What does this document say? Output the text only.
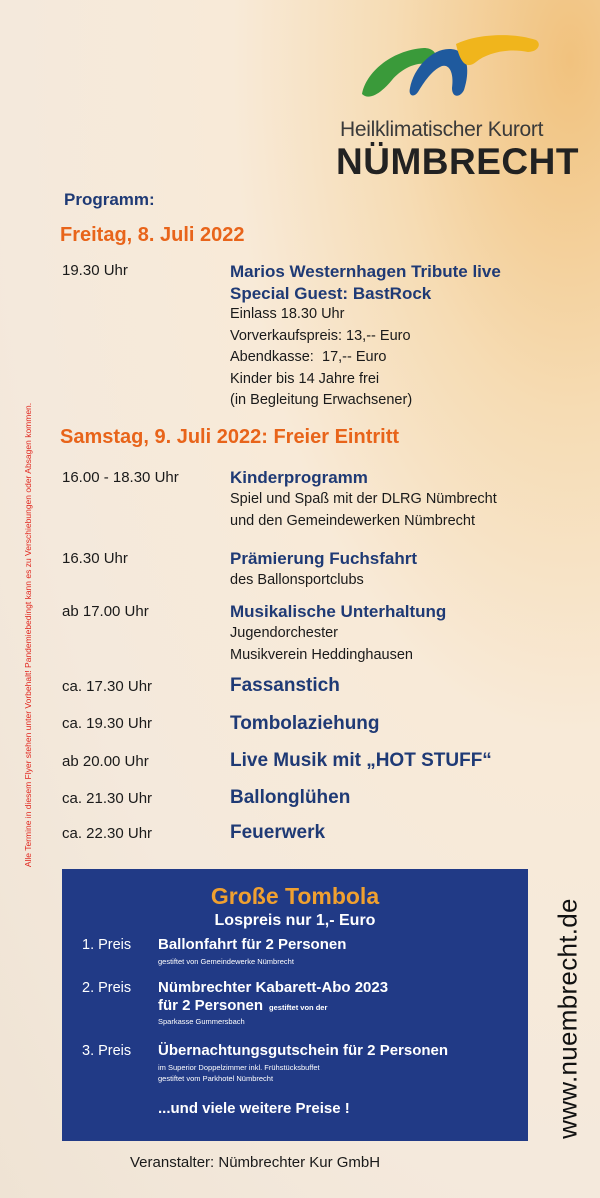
Heilklimatischer Kurort
NÜMBRECHT
Programm:
Freitag, 8. Juli 2022
19.30 Uhr	Marios Westernhagen Tribute live
Special Guest: BastRock
Einlass 18.30 Uhr
Vorverkaufspreis: 13,-- Euro
Abendkasse: 17,-- Euro
Kinder bis 14 Jahre frei
(in Begleitung Erwachsener)
Samstag, 9. Juli 2022: Freier Eintritt
16.00 - 18.30 Uhr	Kinderprogramm
Spiel und Spaß mit der DLRG Nümbrecht
und den Gemeindewerken Nümbrecht
16.30 Uhr	Prämierung Fuchsfahrt
des Ballonsportclubs
ab 17.00 Uhr	Musikalische Unterhaltung
Jugendorchester
Musikverein Heddinghausen
ca. 17.30 Uhr	Fassanstich
ca. 19.30 Uhr	Tombolaziehung
ab 20.00 Uhr	Live Musik mit „HOT STUFF“
ca. 21.30 Uhr	Ballonglühen
ca. 22.30 Uhr	Feuerwerk
Große Tombola
Lospreis nur 1,- Euro
1. Preis Ballonfahrt für 2 Personen
gestiftet von Gemeindewerke Nümbrecht
2. Preis Nümbrechter Kabarett-Abo 2023
für 2 Personen gestiftet von der
Sparkasse Gummersbach
3. Preis Übernachtungsgutschein für 2 Personen
im Superior Doppelzimmer inkl. Frühstücksbuffet
gestiftet vom Parkhotel Nümbrecht
...und viele weitere Preise !
Alle Termine in diesem Flyer stehen unter Vorbehalt! Pandemiebedingt kann es zu Verschiebungen oder Absagen kommen.
www.nuembrecht.de
Veranstalter: Nümbrechter Kur GmbH
